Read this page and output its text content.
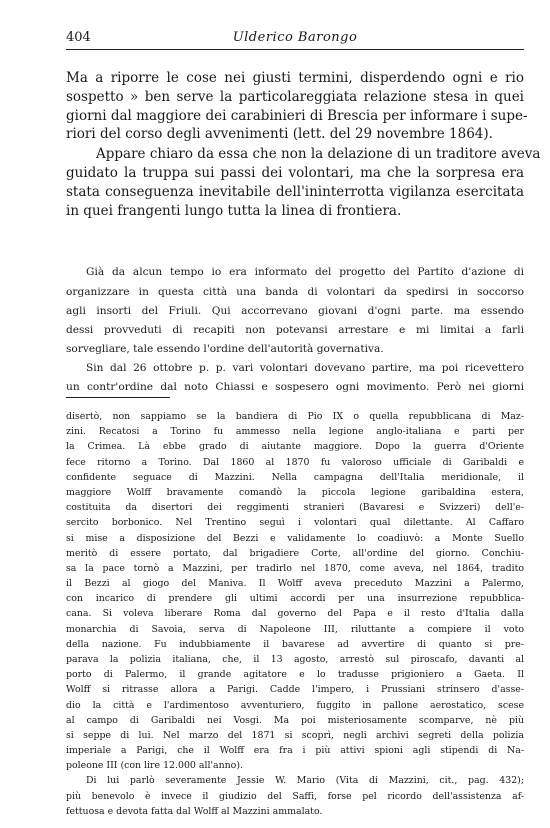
404	Ulderico Barongo
Ma a riporre le cose nei giusti termini, disperdendo ogni e rio
sospetto » ben serve la particolareggiata relazione stesa in quei
giorni dal maggiore dei carabinieri di Brescia per informare i supe-
riori del corso degli avvenimenti (lett. del 29 novembre 1864).
Appare chiaro da essa che non la delazione di un traditore aveva
guidato la truppa sui passi dei volontari, ma che la sorpresa era
stata conseguenza inevitabile dell'ininterrotta vigilanza esercitata
in quei frangenti lungo tutta la linea di frontiera.
Già da alcun tempo io era informato del progetto del Partito d'azione di
organizzare in questa città una banda di volontari da spedirsi in soccorso
agli insorti del Friuli. Qui accorrevano giovani d'ogni parte. ma essendo
dessi provveduti di recapiti non potevansi arrestare e mi limitai a farli
sorvegliare, tale essendo l'ordine dell'autorità governativa.
Sin dal 26 ottobre p. p. vari volontari dovevano partire, ma poi ricevettero
un contr'ordine dal noto Chiassi e sospesero ogni movimento. Però nei giorni
disertò, non sappiamo se la bandiera di Pio IX o quella repubblicana di Maz-
zini. Recatosi a Torino fu ammesso nella legione anglo-italiana e parti per
la Crimea. Là ebbe grado di aiutante maggiore. Dopo la guerra d'Oriente
fece ritorno a Torino. Dal 1860 al 1870 fu valoroso ufficiale di Garibaldi e
confidente seguace di Mazzini. Nella campagna dell'Italia meridionale, il
maggiore Wolff bravamente comandò la piccola legione garibaldina estera,
costituita da disertori dei reggimenti stranieri (Bavaresi e Svizzeri) dell'e-
sercito borbonico. Nel Trentino seguì i volontari qual dilettante. Al Caffaro
si mise a disposizione del Bezzi e validamente lo coadiuvò: a Monte Suello
meritò di essere portato, dal brigadiere Corte, all'ordine del giorno. Conchiu-
sa la pace tornò a Mazzini, per tradirlo nel 1870, come aveva, nel 1864, tradito
il Bezzi al giogo del Maniva. Il Wolff aveva preceduto Mazzini a Palermo,
con incarico di prendere gli ultimi accordi per una insurrezione repubblica-
cana. Si voleva liberare Roma dal governo del Papa e il resto d'Italia dalla
monarchia di Savoia, serva di Napoleone III, riluttante a compiere il voto
della nazione. Fu indubbiamente il bavarese ad avvertire di quanto si pre-
parava la polizia italiana, che, il 13 agosto, arrestò sul piroscafo, davanti al
porto di Palermo, il grande agitatore e lo tradusse prigioniero a Gaeta. Il
Wolff si ritrasse allora a Parigi. Cadde l'impero, i Prussiani strinsero d'asse-
dio la città e l'ardimentoso avventuriero, fuggito in pallone aerostatico, scese
al campo di Garibaldi nei Vosgi. Ma poi misteriosamente scomparve, nè più
si seppe di lui. Nel marzo del 1871 si scoprì, negli archivi segreti della polizia
imperiale a Parigi, che il Wolff era fra i più attivi spioni agli stipendi di Na-
poleone III (con lire 12.000 all'anno).
Di lui parlò severamente Jessie W. Mario (Vita di Mazzini, cit., pag. 432);
più benevolo è invece il giudizio del Saffi, forse pel ricordo dell'assistenza af-
fettuosa e devota fatta dal Wolff al Mazzini ammalato.
